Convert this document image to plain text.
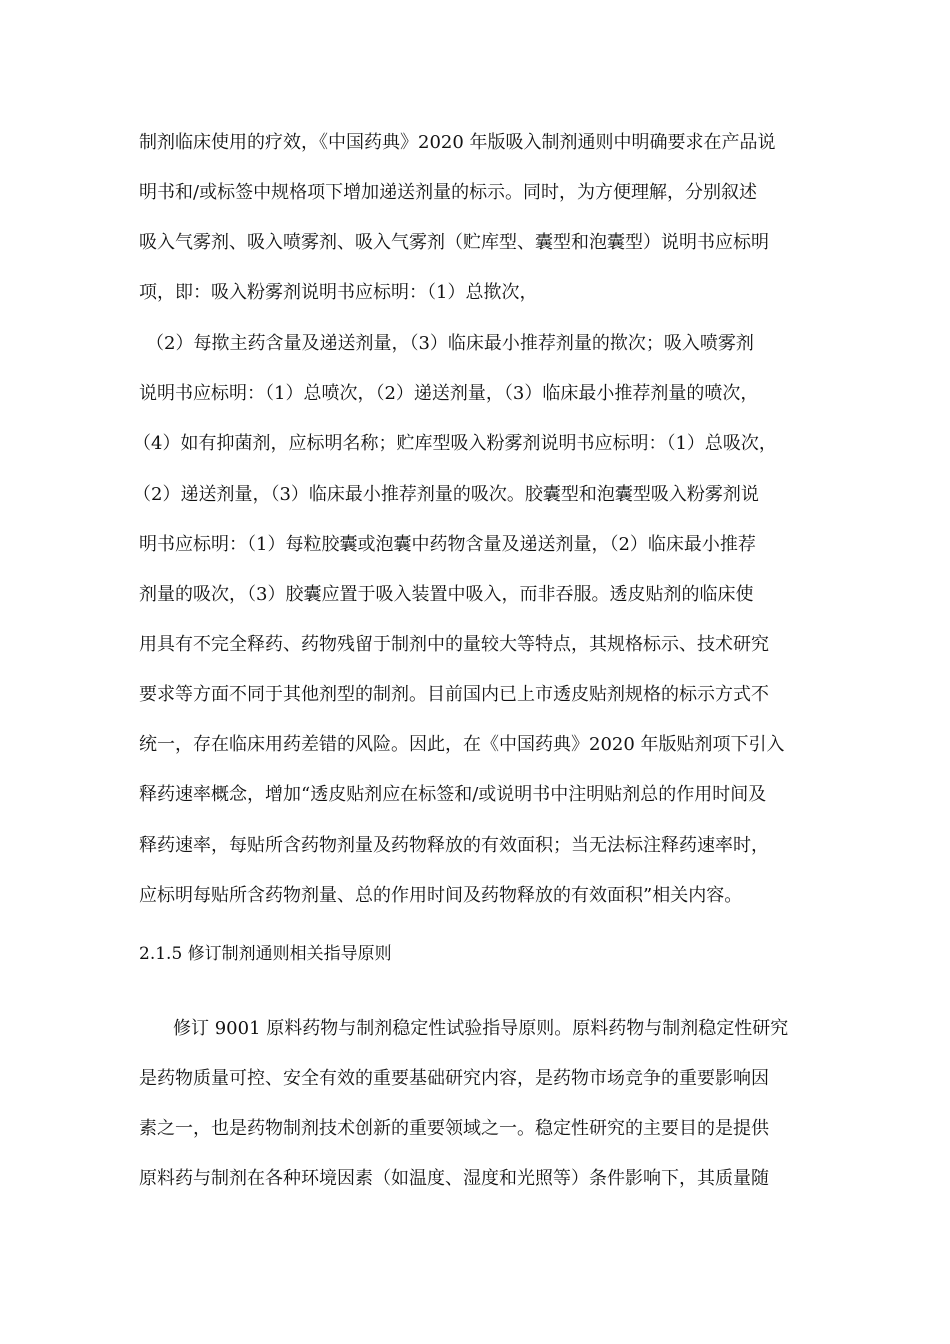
制剂临床使用的疗效，《中国药典》2020 年版吸入制剂通则中明确要求在产品说
明书和/或标签中规格项下增加递送剂量的标示。同时，为方便理解，分别叙述
吸入气雾剂、吸入喷雾剂、吸入气雾剂（贮库型、囊型和泡囊型）说明书应标明
项，即：吸入粉雾剂说明书应标明：（1）总揿次，
（2）每揿主药含量及递送剂量，（3）临床最小推荐剂量的揿次；吸入喷雾剂
说明书应标明：（1）总喷次，（2）递送剂量，（3）临床最小推荐剂量的喷次，
（4）如有抑菌剂，应标明名称；贮库型吸入粉雾剂说明书应标明：（1）总吸次，
（2）递送剂量，（3）临床最小推荐剂量的吸次。胶囊型和泡囊型吸入粉雾剂说
明书应标明：（1）每粒胶囊或泡囊中药物含量及递送剂量，（2）临床最小推荐
剂量的吸次，（3）胶囊应置于吸入装置中吸入，而非吞服。透皮贴剂的临床使
用具有不完全释药、药物残留于制剂中的量较大等特点，其规格标示、技术研究
要求等方面不同于其他剂型的制剂。目前国内已上市透皮贴剂规格的标示方式不
统一，存在临床用药差错的风险。因此，在《中国药典》2020 年版贴剂项下引入
释药速率概念，增加“透皮贴剂应在标签和/或说明书中注明贴剂总的作用时间及
释药速率，每贴所含药物剂量及药物释放的有效面积；当无法标注释药速率时，
应标明每贴所含药物剂量、总的作用时间及药物释放的有效面积”相关内容。
2.1.5 修订制剂通则相关指导原则
修订 9001 原料药物与制剂稳定性试验指导原则。原料药物与制剂稳定性研究
是药物质量可控、安全有效的重要基础研究内容，是药物市场竞争的重要影响因
素之一，也是药物制剂技术创新的重要领域之一。稳定性研究的主要目的是提供
原料药与制剂在各种环境因素（如温度、湿度和光照等）条件影响下，其质量随
